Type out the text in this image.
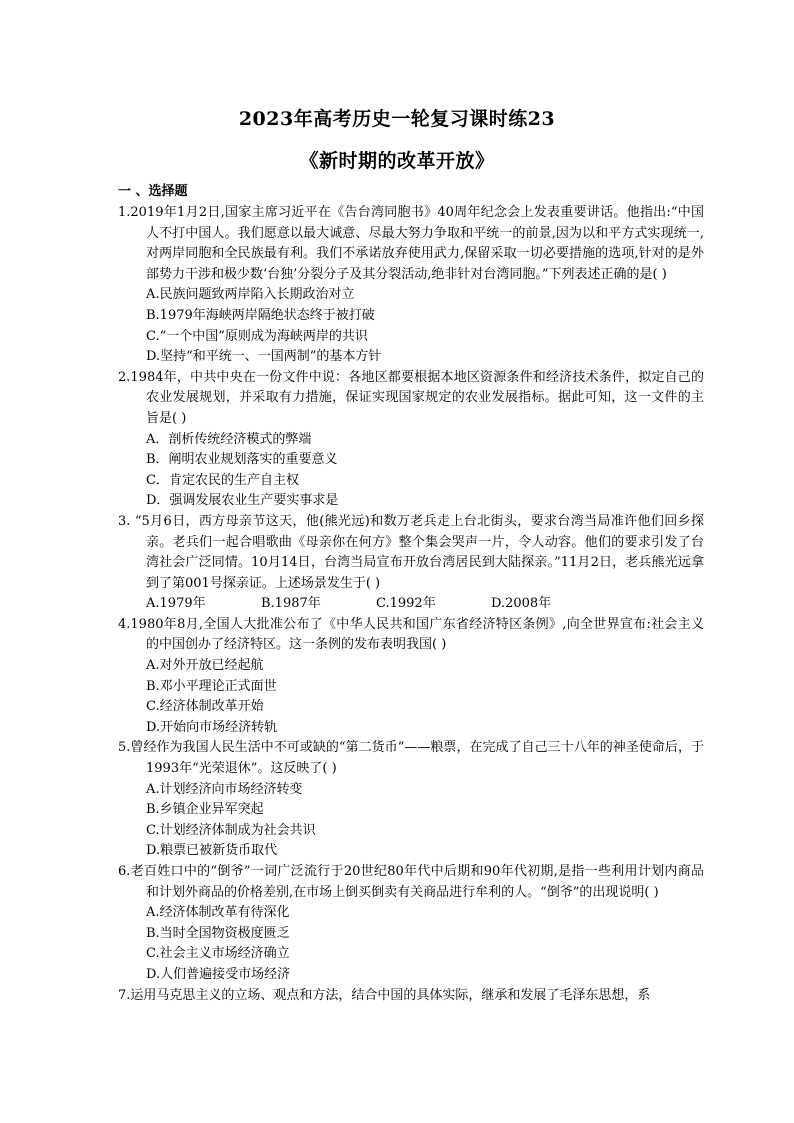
2023年高考历史一轮复习课时练23
《新时期的改革开放》
一 、选择题

1.2019年1月2日,国家主席习近平在《告台湾同胞书》40周年纪念会上发表重要讲话。他指出:“中国人不打中国人。我们愿意以最大诚意、尽最大努力争取和平统一的前景,因为以和平方式实现统一,对两岸同胞和全民族最有利。我们不承诺放弃使用武力,保留采取一切必要措施的选项,针对的是外部势力干涉和极少数‘台独’分裂分子及其分裂活动,绝非针对台湾同胞。”下列表述正确的是( )

A.民族问题致两岸陷入长期政治对立

B.1979年海峡两岸隔绝状态终于被打破

C.“一个中国”原则成为海峡两岸的共识

D.坚持“和平统一、一国两制”的基本方针

2.1984年，中共中央在一份文件中说：各地区都要根据本地区资源条件和经济技术条件，拟定自己的农业发展规划，并采取有力措施，保证实现国家规定的农业发展指标。据此可知，这一文件的主旨是( )

A．剖析传统经济模式的弊端

B．阐明农业规划落实的重要意义

C．肯定农民的生产自主权

D．强调发展农业生产要实事求是

3. “5月6日，西方母亲节这天，他(熊光远)和数万老兵走上台北街头，要求台湾当局准许他们回乡探亲。老兵们一起合唱歌曲《母亲你在何方》整个集会哭声一片，令人动容。他们的要求引发了台湾社会广泛同情。10月14日，台湾当局宣布开放台湾居民到大陆探亲。”11月2日，老兵熊光远拿到了第001号探亲证。上述场景发生于( )

A.1979年	B.1987年	C.1992年	D.2008年

4.1980年8月,全国人大批准公布了《中华人民共和国广东省经济特区条例》,向全世界宣布:社会主义的中国创办了经济特区。这一条例的发布表明我国( )

A.对外开放已经起航

B.邓小平理论正式面世

C.经济体制改革开始

D.开始向市场经济转轨

5.曾经作为我国人民生活中不可或缺的“第二货币”——粮票，在完成了自己三十八年的神圣使命后，于1993年“光荣退休”。这反映了( )

A.计划经济向市场经济转变

B.乡镇企业异军突起

C.计划经济体制成为社会共识

D.粮票已被新货币取代

6.老百姓口中的“倒爷”一词广泛流行于20世纪80年代中后期和90年代初期,是指一些利用计划内商品和计划外商品的价格差别,在市场上倒买倒卖有关商品进行牟利的人。“倒爷”的出现说明( )

A.经济体制改革有待深化

B.当时全国物资极度匮乏

C.社会主义市场经济确立

D.人们普遍接受市场经济

7.运用马克思主义的立场、观点和方法，结合中国的具体实际，继承和发展了毛泽东思想，系
